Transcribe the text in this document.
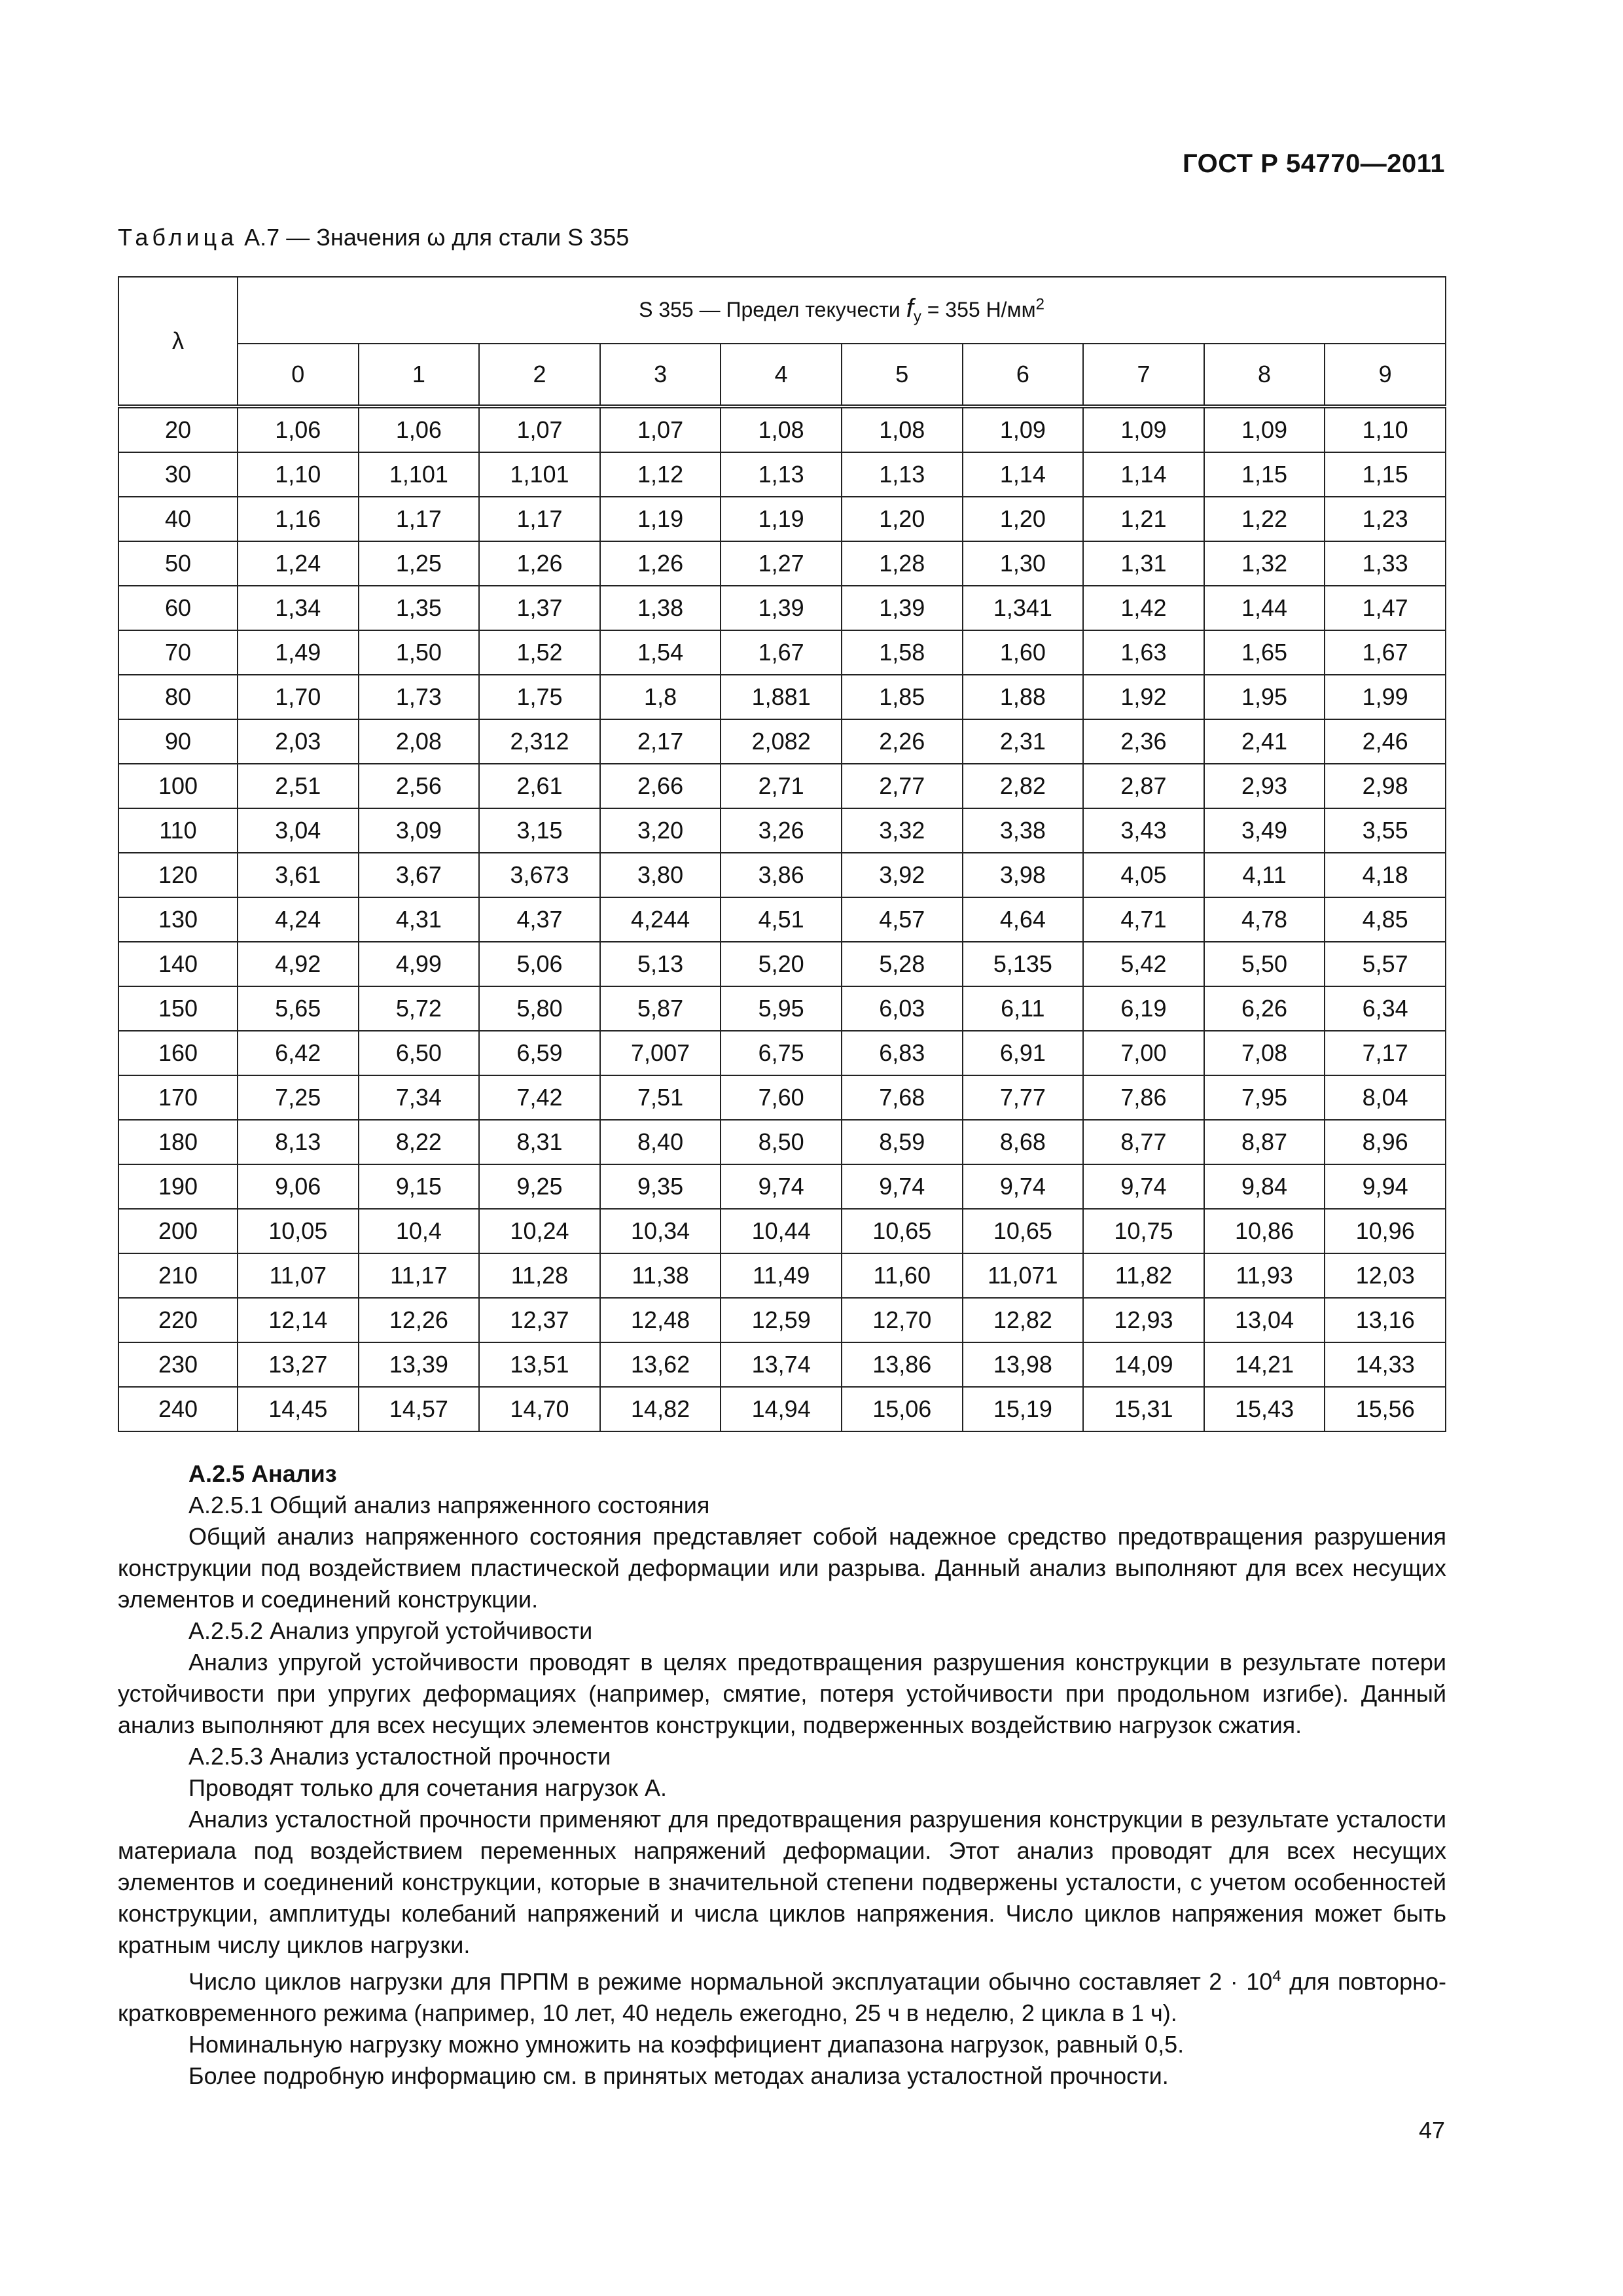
ГОСТ Р 54770—2011
Таблица А.7 — Значения ω для стали S 355
λ	S 355 — Предел текучести $f_y = 355$ $Н/мм^2$
	0	1	2	3	4	5	6	7	8	9
20	1,06	1,06	1,07	1,07	1,08	1,08	1,09	1,09	1,09	1,10
30	1,10	1,101	1,101	1,12	1,13	1,13	1,14	1,14	1,15	1,15
40	1,16	1,17	1,17	1,19	1,19	1,20	1,20	1,21	1,22	1,23
50	1,24	1,25	1,26	1,26	1,27	1,28	1,30	1,31	1,32	1,33
60	1,34	1,35	1,37	1,38	1,39	1,39	1,341	1,42	1,44	1,47
70	1,49	1,50	1,52	1,54	1,67	1,58	1,60	1,63	1,65	1,67
80	1,70	1,73	1,75	1,8	1,881	1,85	1,88	1,92	1,95	1,99
90	2,03	2,08	2,312	2,17	2,082	2,26	2,31	2,36	2,41	2,46
100	2,51	2,56	2,61	2,66	2,71	2,77	2,82	2,87	2,93	2,98
110	3,04	3,09	3,15	3,20	3,26	3,32	3,38	3,43	3,49	3,55
120	3,61	3,67	3,673	3,80	3,86	3,92	3,98	4,05	4,11	4,18
130	4,24	4,31	4,37	4,244	4,51	4,57	4,64	4,71	4,78	4,85
140	4,92	4,99	5,06	5,13	5,20	5,28	5,135	5,42	5,50	5,57
150	5,65	5,72	5,80	5,87	5,95	6,03	6,11	6,19	6,26	6,34
160	6,42	6,50	6,59	7,007	6,75	6,83	6,91	7,00	7,08	7,17
170	7,25	7,34	7,42	7,51	7,60	7,68	7,77	7,86	7,95	8,04
180	8,13	8,22	8,31	8,40	8,50	8,59	8,68	8,77	8,87	8,96
190	9,06	9,15	9,25	9,35	9,74	9,74	9,74	9,74	9,84	9,94
200	10,05	10,4	10,24	10,34	10,44	10,65	10,65	10,75	10,86	10,96
210	11,07	11,17	11,28	11,38	11,49	11,60	11,071	11,82	11,93	12,03
220	12,14	12,26	12,37	12,48	12,59	12,70	12,82	12,93	13,04	13,16
230	13,27	13,39	13,51	13,62	13,74	13,86	13,98	14,09	14,21	14,33
240	14,45	14,57	14,70	14,82	14,94	15,06	15,19	15,31	15,43	15,56

А.2.5 Анализ

А.2.5.1 Общий анализ напряженного состояния

Общий анализ напряженного состояния представляет собой надежное средство предотвращения разрушения конструкции под воздействием пластической деформации или разрыва. Данный анализ выполняют для всех несущих элементов и соединений конструкции.

А.2.5.2 Анализ упругой устойчивости

Анализ упругой устойчивости проводят в целях предотвращения разрушения конструкции в результате потери устойчивости при упругих деформациях (например, смятие, потеря устойчивости при продольном изгибе). Данный анализ выполняют для всех несущих элементов конструкции, подверженных воздействию нагрузок сжатия.

А.2.5.3 Анализ усталостной прочности

Проводят только для сочетания нагрузок А.

Анализ усталостной прочности применяют для предотвращения разрушения конструкции в результате усталости материала под воздействием переменных напряжений деформации. Этот анализ проводят для всех несущих элементов и соединений конструкции, которые в значительной степени подвержены усталости, с учетом особенностей конструкции, амплитуды колебаний напряжений и числа циклов напряжения. Число циклов напряжения может быть кратным числу циклов нагрузки.

Число циклов нагрузки для ПРПМ в режиме нормальной эксплуатации обычно составляет $2 \cdot 10^4$ для повторно-кратковременного режима (например, 10 лет, 40 недель ежегодно, 25 ч в неделю, 2 цикла в 1 ч).

Номинальную нагрузку можно умножить на коэффициент диапазона нагрузок, равный 0,5.

Более подробную информацию см. в принятых методах анализа усталостной прочности.

47
